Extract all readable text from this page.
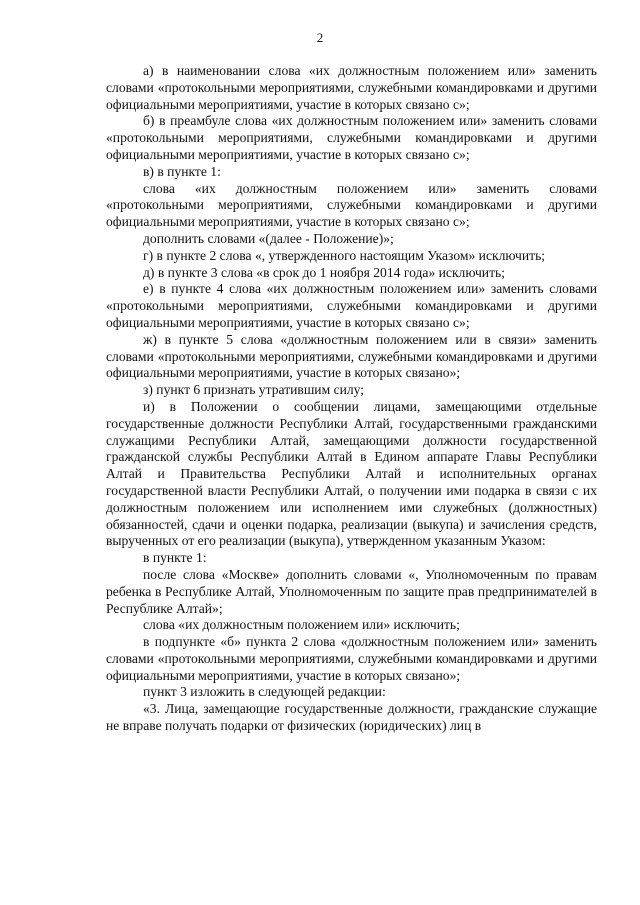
2

а) в наименовании слова «их должностным положением или» заменить словами «протокольными мероприятиями, служебными командировками и другими официальными мероприятиями, участие в которых связано с»;

б) в преамбуле слова «их должностным положением или» заменить словами «протокольными мероприятиями, служебными командировками и другими официальными мероприятиями, участие в которых связано с»;

в) в пункте 1:

слова «их должностным положением или» заменить словами «протокольными мероприятиями, служебными командировками и другими официальными мероприятиями, участие в которых связано с»;

дополнить словами «(далее - Положение)»;

г) в пункте 2 слова «, утвержденного настоящим Указом» исключить;

д) в пункте 3 слова «в срок до 1 ноября 2014 года» исключить;

е) в пункте 4 слова «их должностным положением или» заменить словами «протокольными мероприятиями, служебными командировками и другими официальными мероприятиями, участие в которых связано с»;

ж) в пункте 5 слова «должностным положением или в связи» заменить словами «протокольными мероприятиями, служебными командировками и другими официальными мероприятиями, участие в которых связано»;

з) пункт 6 признать утратившим силу;

и) в Положении о сообщении лицами, замещающими отдельные государственные должности Республики Алтай, государственными гражданскими служащими Республики Алтай, замещающими должности государственной гражданской службы Республики Алтай в Едином аппарате Главы Республики Алтай и Правительства Республики Алтай и исполнительных органах государственной власти Республики Алтай, о получении ими подарка в связи с их должностным положением или исполнением ими служебных (должностных) обязанностей, сдачи и оценки подарка, реализации (выкупа) и зачисления средств, вырученных от его реализации (выкупа), утвержденном указанным Указом:

в пункте 1:

после слова «Москве» дополнить словами «, Уполномоченным по правам ребенка в Республике Алтай, Уполномоченным по защите прав предпринимателей в Республике Алтай»;

слова «их должностным положением или» исключить;

в подпункте «б» пункта 2 слова «должностным положением или» заменить словами «протокольными мероприятиями, служебными командировками и другими официальными мероприятиями, участие в которых связано»;

пункт 3 изложить в следующей редакции:

«3. Лица, замещающие государственные должности, гражданские служащие не вправе получать подарки от физических (юридических) лиц в
